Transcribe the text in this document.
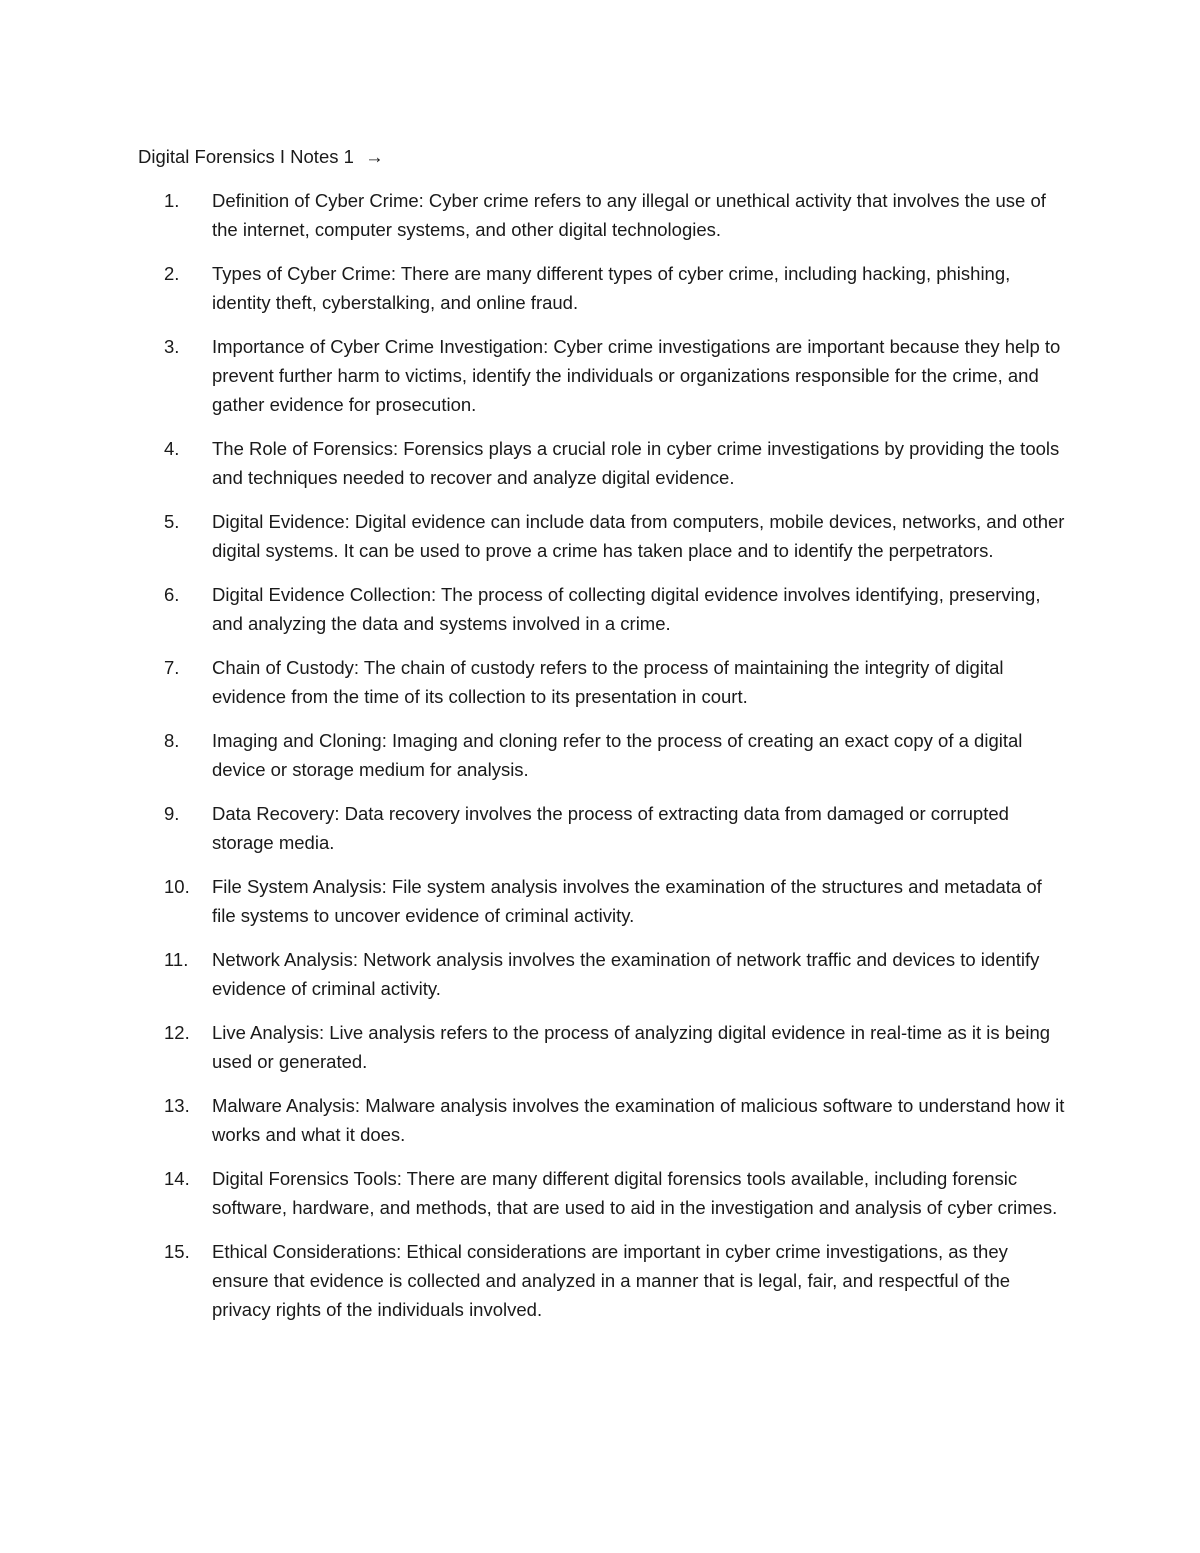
Digital Forensics I Notes 1 →
1.	Definition of Cyber Crime: Cyber crime refers to any illegal or unethical activity that involves the use of the internet, computer systems, and other digital technologies.
2.	Types of Cyber Crime: There are many different types of cyber crime, including hacking, phishing, identity theft, cyberstalking, and online fraud.
3.	Importance of Cyber Crime Investigation: Cyber crime investigations are important because they help to prevent further harm to victims, identify the individuals or organizations responsible for the crime, and gather evidence for prosecution.
4.	The Role of Forensics: Forensics plays a crucial role in cyber crime investigations by providing the tools and techniques needed to recover and analyze digital evidence.
5.	Digital Evidence: Digital evidence can include data from computers, mobile devices, networks, and other digital systems. It can be used to prove a crime has taken place and to identify the perpetrators.
6.	Digital Evidence Collection: The process of collecting digital evidence involves identifying, preserving, and analyzing the data and systems involved in a crime.
7.	Chain of Custody: The chain of custody refers to the process of maintaining the integrity of digital evidence from the time of its collection to its presentation in court.
8.	Imaging and Cloning: Imaging and cloning refer to the process of creating an exact copy of a digital device or storage medium for analysis.
9.	Data Recovery: Data recovery involves the process of extracting data from damaged or corrupted storage media.
10.	File System Analysis: File system analysis involves the examination of the structures and metadata of file systems to uncover evidence of criminal activity.
11.	Network Analysis: Network analysis involves the examination of network traffic and devices to identify evidence of criminal activity.
12.	Live Analysis: Live analysis refers to the process of analyzing digital evidence in real-time as it is being used or generated.
13.	Malware Analysis: Malware analysis involves the examination of malicious software to understand how it works and what it does.
14.	Digital Forensics Tools: There are many different digital forensics tools available, including forensic software, hardware, and methods, that are used to aid in the investigation and analysis of cyber crimes.
15.	Ethical Considerations: Ethical considerations are important in cyber crime investigations, as they ensure that evidence is collected and analyzed in a manner that is legal, fair, and respectful of the privacy rights of the individuals involved.
